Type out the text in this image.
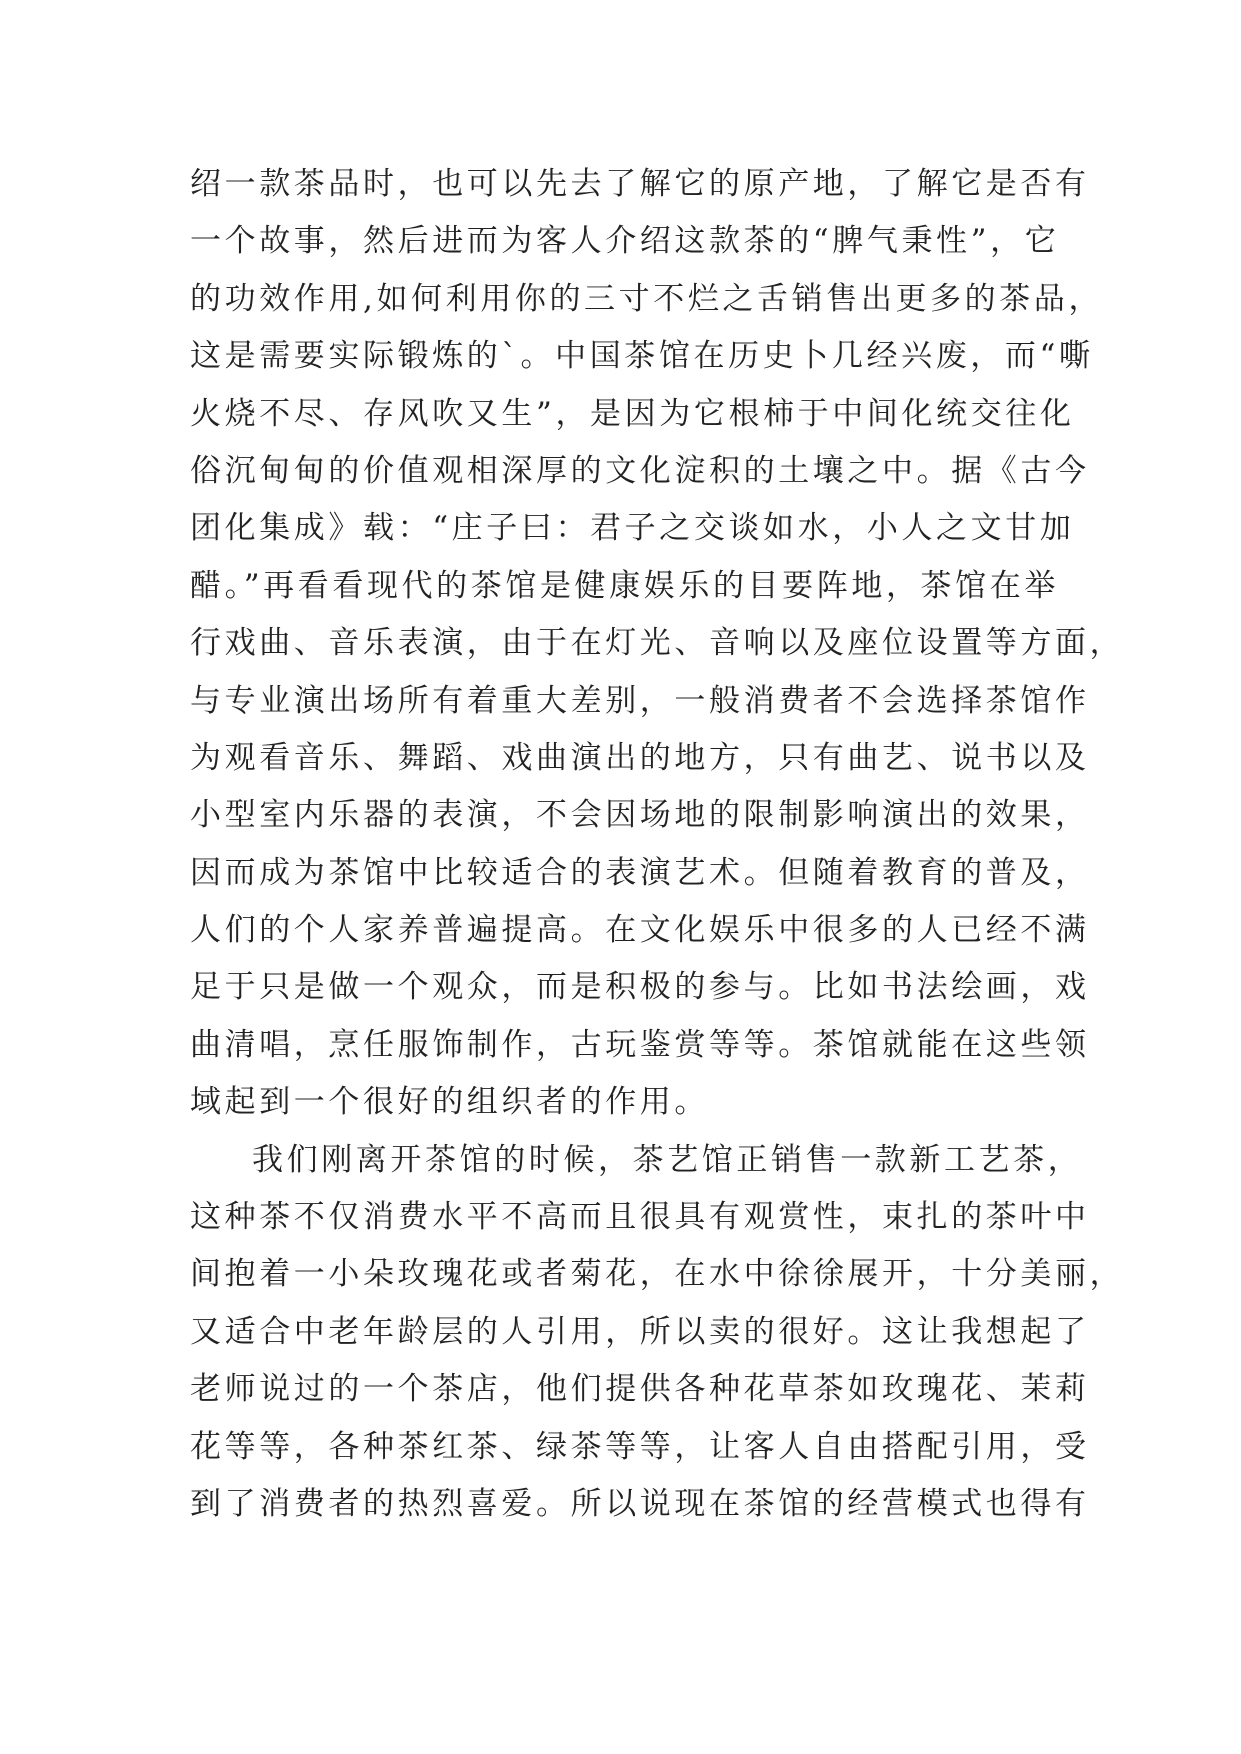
绍一款茶品时，也可以先去了解它的原产地，了解它是否有
一个故事，然后进而为客人介绍这款茶的“脾气秉性”，它
的功效作用,如何利用你的三寸不烂之舌销售出更多的茶品，
这是需要实际锻炼的`。中国茶馆在历史卜几经兴废，而“嘶
火烧不尽、存风吹又生”，是因为它根柿于中间化统交往化
俗沉甸甸的价值观相深厚的文化淀积的土壤之中。据《古今
团化集成》载：“庄子曰：君子之交谈如水，小人之文甘加
醋。”再看看现代的茶馆是健康娱乐的目要阵地，茶馆在举
行戏曲、音乐表演，由于在灯光、音响以及座位设置等方面，
与专业演出场所有着重大差别，一般消费者不会选择茶馆作
为观看音乐、舞蹈、戏曲演出的地方，只有曲艺、说书以及
小型室内乐器的表演，不会因场地的限制影响演出的效果，
因而成为茶馆中比较适合的表演艺术。但随着教育的普及，
人们的个人家养普遍提高。在文化娱乐中很多的人已经不满
足于只是做一个观众，而是积极的参与。比如书法绘画，戏
曲清唱，烹任服饰制作，古玩鉴赏等等。茶馆就能在这些领
域起到一个很好的组织者的作用。
我们刚离开茶馆的时候，茶艺馆正销售一款新工艺茶，
这种茶不仅消费水平不高而且很具有观赏性，束扎的茶叶中
间抱着一小朵玫瑰花或者菊花，在水中徐徐展开，十分美丽，
又适合中老年龄层的人引用，所以卖的很好。这让我想起了
老师说过的一个茶店，他们提供各种花草茶如玫瑰花、茉莉
花等等，各种茶红茶、绿茶等等，让客人自由搭配引用，受
到了消费者的热烈喜爱。所以说现在茶馆的经营模式也得有
